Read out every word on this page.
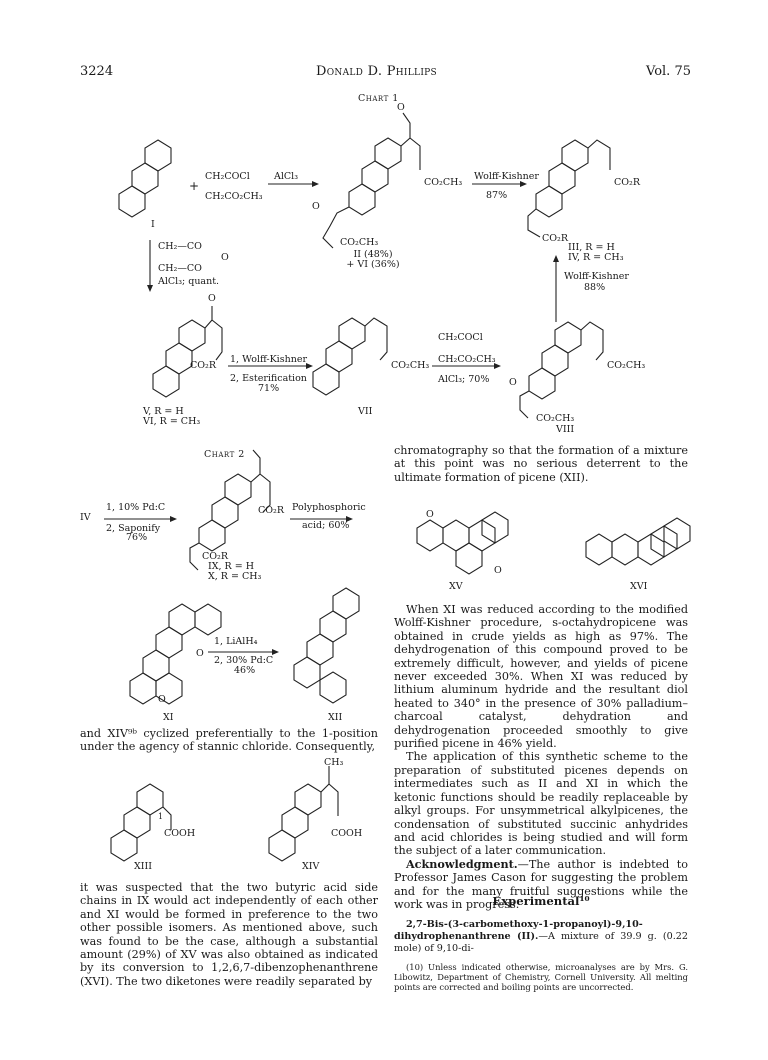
3224	Donald D. Phillips	Vol. 75
Chart 1
I
+
CH₂COCl
CH₂CO₂CH₃
AlCl₃
O
CO₂CH₃
O
CO₂CH₃
II (48%)
+ VI (36%)
Wolff-Kishner
87%
CO₂R
CO₂R
III, R = H
IV, R = CH₃
Wolff-Kishner
88%
CH₂—CO
CH₂—CO
O
AlCl₃; quant.
O
CO₂R
1, Wolff-Kishner
2, Esterification
71%
V, R = H
VI, R = CH₃
CO₂CH₃
VII
CH₂COCl
CH₂CO₂CH₃
AlCl₃; 70% O
CO₂CH₃
CO₂CH₃
VIII
Chart 2
IV
1, 10% Pd:C
2, Saponify
76%
CO₂R
CO₂R
IX, R = H
X, R = CH₃
Polyphosphoric
acid; 60%
O
O
1, LiAlH₄
2, 30% Pd:C
46%
XI	XII
O
O
XV	XVI
1
COOH
CH₃
COOH
XIII	XIV

and XIV⁹ᵇ cyclized preferentially to the 1-position under the agency of stannic chloride. Consequently,

it was suspected that the two butyric acid side chains in IX would act independently of each other and XI would be formed in preference to the two other possible isomers. As mentioned above, such was found to be the case, although a substantial amount (29%) of XV was also obtained as indicated by its conversion to 1,2,6,7-dibenzophenanthrene (XVI). The two diketones were readily separated by

chromatography so that the formation of a mixture at this point was no serious deterrent to the ultimate formation of picene (XII).

When XI was reduced according to the modified Wolff-Kishner procedure, s-octahydropicene was obtained in crude yields as high as 97%. The dehydrogenation of this compound proved to be extremely difficult, however, and yields of picene never exceeded 30%. When XI was reduced by lithium aluminum hydride and the resultant diol heated to 340° in the presence of 30% palladium–charcoal catalyst, dehydration and dehydrogenation proceeded smoothly to give purified picene in 46% yield.

The application of this synthetic scheme to the preparation of substituted picenes depends on intermediates such as II and XI in which the ketonic functions should be readily replaceable by alkyl groups. For unsymmetrical alkylpicenes, the condensation of substituted succinic anhydrides and acid chlorides is being studied and will form the subject of a later communication.

Acknowledgment.—The author is indebted to Professor James Cason for suggesting the problem and for the many fruitful suggestions while the work was in progress.

Experimental¹⁰

2,7-Bis-(3-carbomethoxy-1-propanoyl)-9,10-dihydrophenanthrene (II).—A mixture of 39.9 g. (0.22 mole) of 9,10-di-

(10) Unless indicated otherwise, microanalyses are by Mrs. G. Libowitz, Department of Chemistry, Cornell University. All melting points are corrected and boiling points are uncorrected.
